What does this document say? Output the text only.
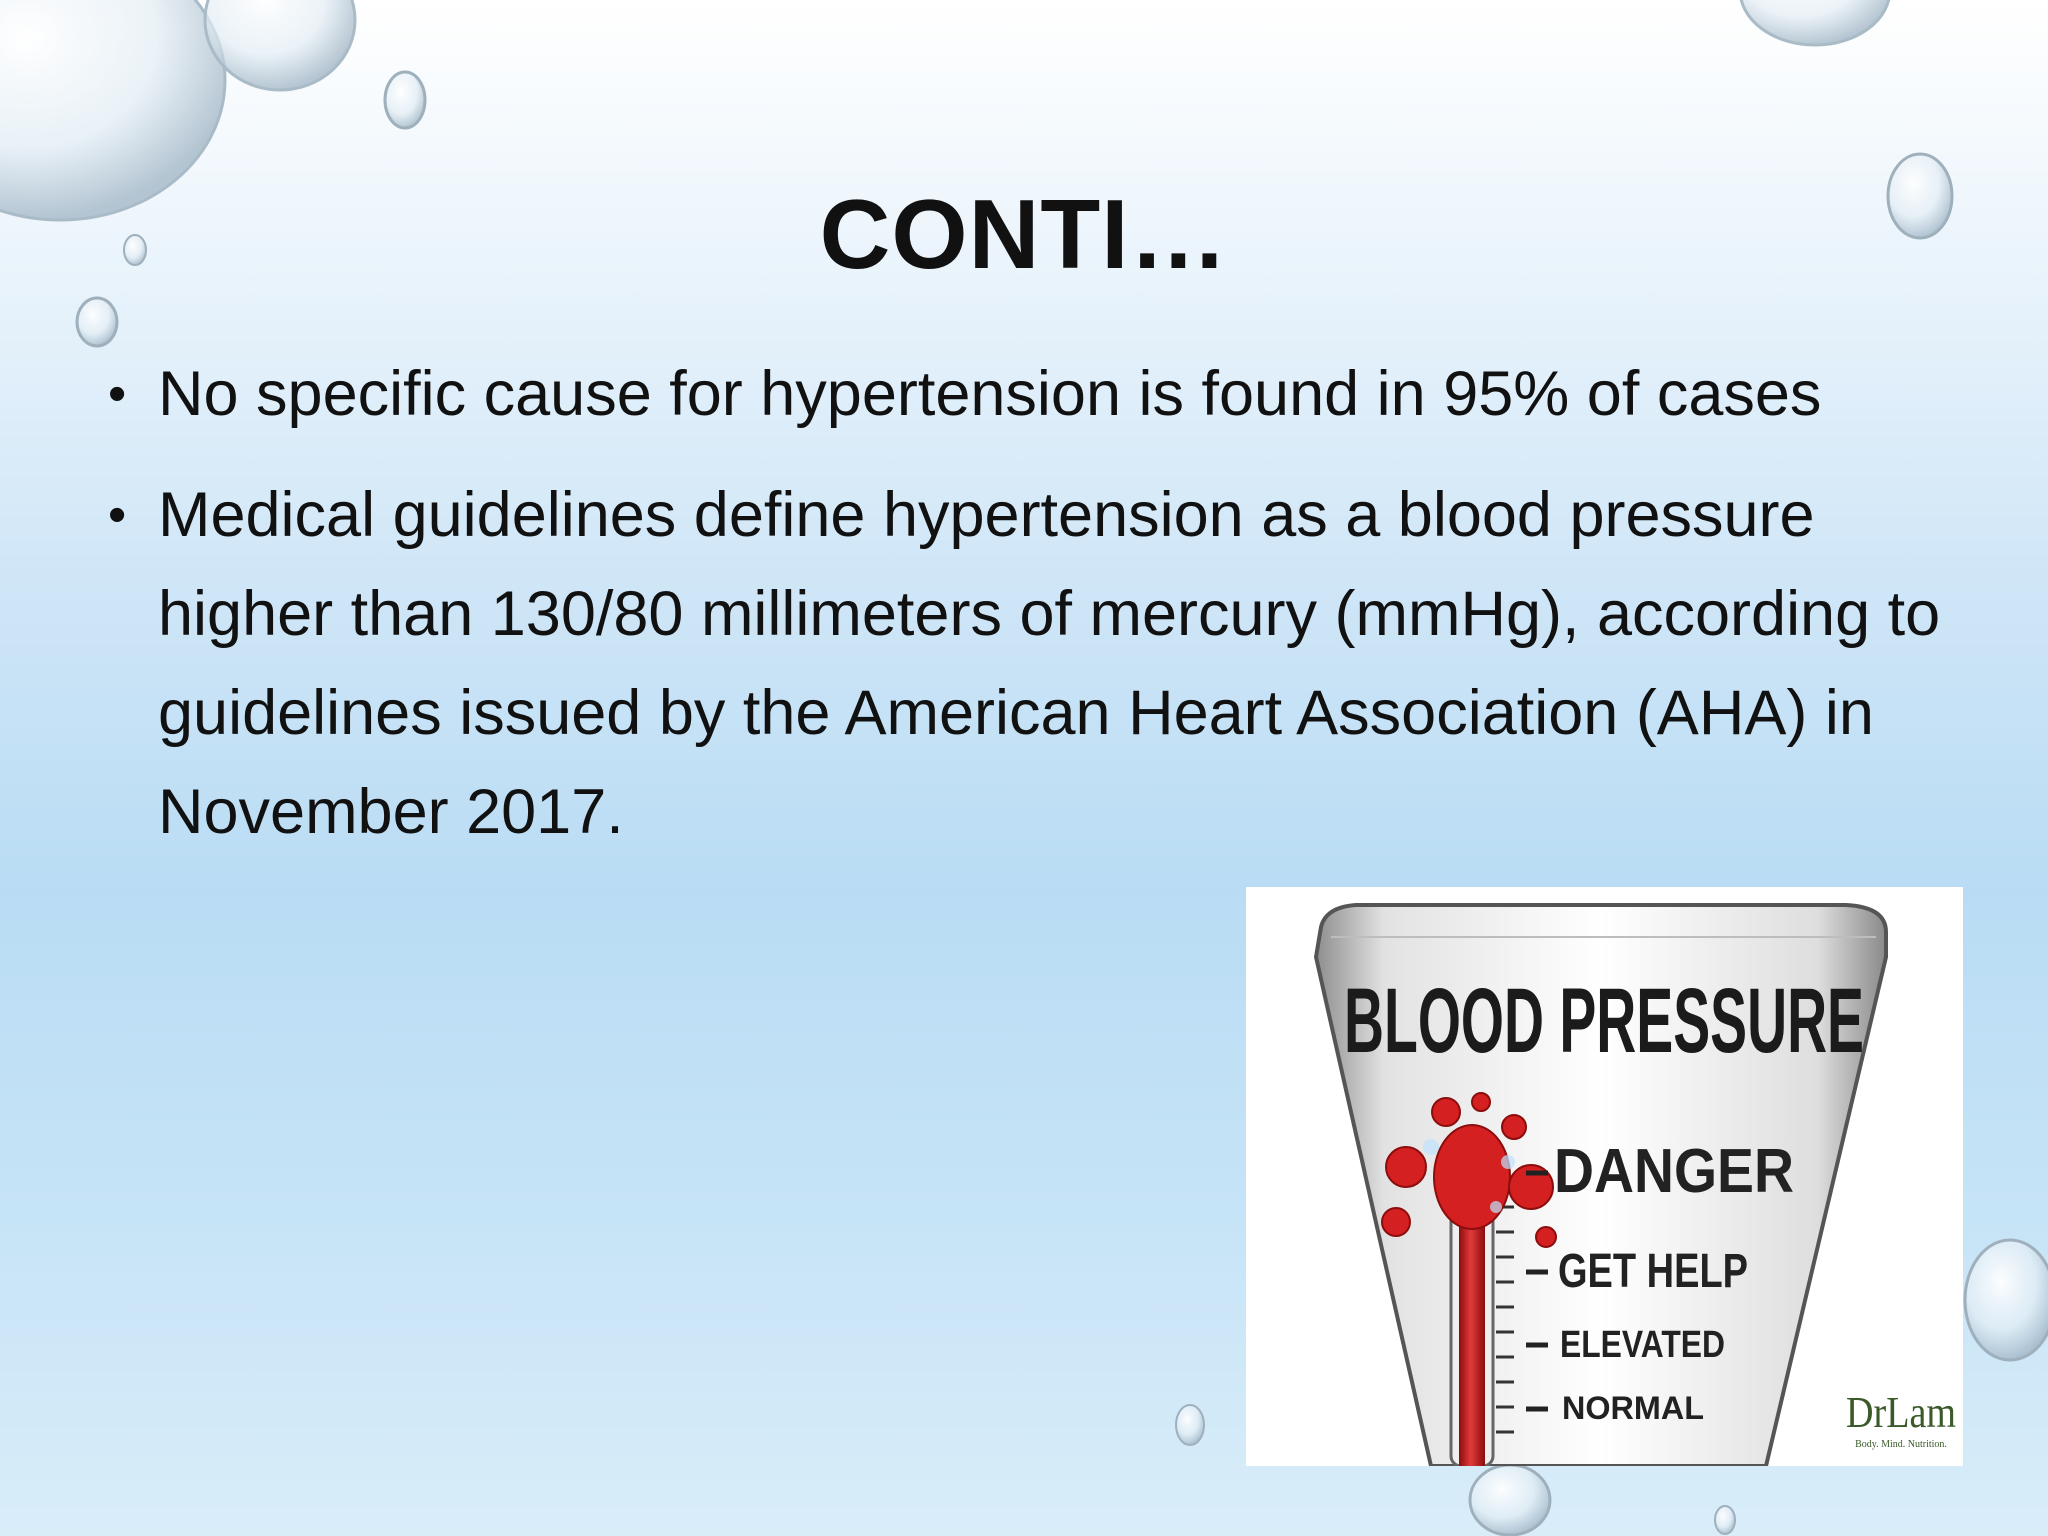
CONTI…
• No specific cause for hypertension is found in 95% of cases
• Medical guidelines define hypertension as a blood pressure higher than 130/80 millimeters of mercury (mmHg), according to guidelines issued by the American Heart Association (AHA) in November 2017.
BLOOD PRESSURE
DANGER
GET HELP
ELEVATED
NORMAL	DrLam
Body. Mind. Nutrition.
